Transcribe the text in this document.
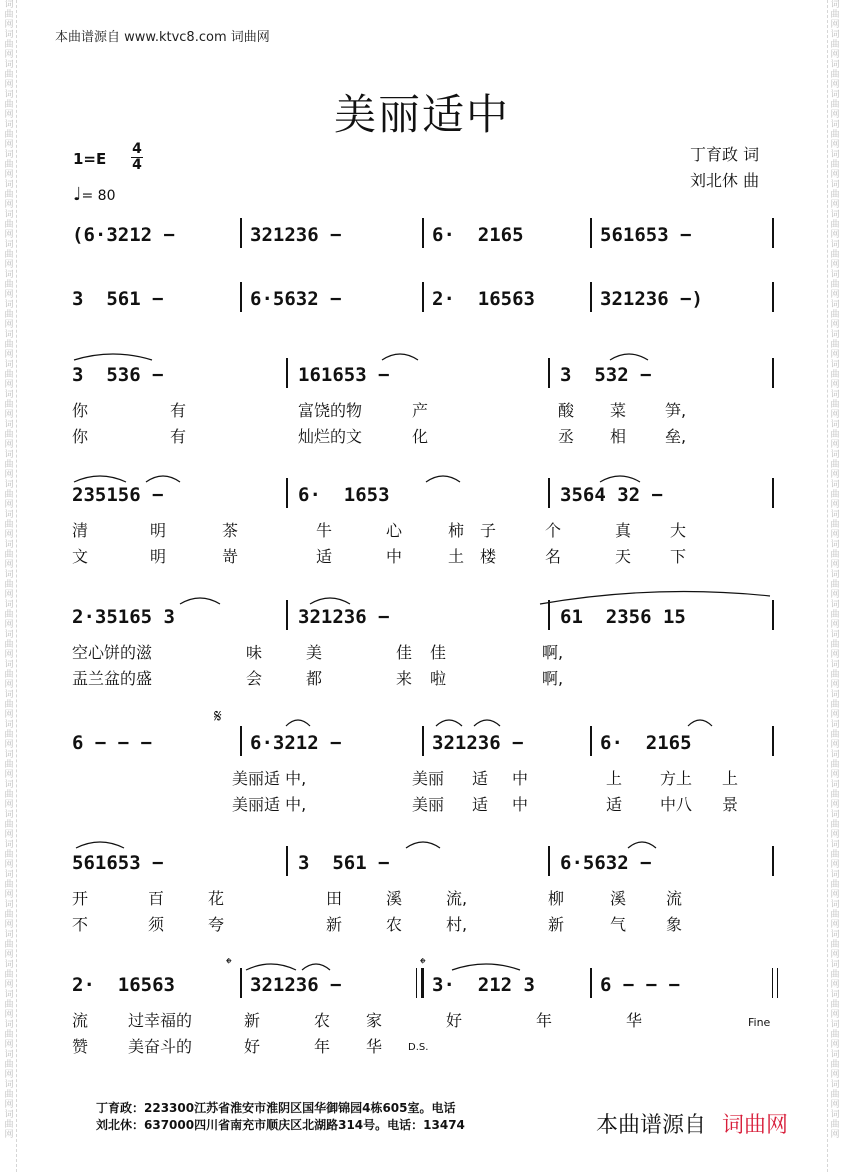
词曲网词曲网词曲网词曲网词曲网词曲网词曲网词曲网词曲网词曲网词曲网词曲网词曲网词曲网词曲网词曲网词曲网词曲网词曲网词曲网词曲网词曲网词曲网词曲网词曲网词曲网词曲网词曲网词曲网词曲网词曲网词曲网词曲网词曲网词曲网词曲网词曲网词曲网
词曲网词曲网词曲网词曲网词曲网词曲网词曲网词曲网词曲网词曲网词曲网词曲网词曲网词曲网词曲网词曲网词曲网词曲网词曲网词曲网词曲网词曲网词曲网词曲网词曲网词曲网词曲网词曲网词曲网词曲网词曲网词曲网词曲网词曲网词曲网词曲网词曲网词曲网
本曲谱源自 www.ktvc8.com 词曲网
美丽适中
1=E
4
4
♩= 80
丁育政 词
刘北休 曲
(6·3212 −	321236 −	6·  2165	561653 −
3  561 −	6·5632 −	2·  16563	321236 −)
3  536 −	161653 −	3  532 −
你	有	富饶的物	产	酸 菜 笋,
你	有	灿烂的文	化	丞 相 垒,
235156 −	6·  1653	3564 32 −
清	明	茶	牛	心	柿 子	个	真 大
文	明	嵜	适	中	土 楼	名	天 下
2·35165 3	321236 −	61  2356 15
空心饼的滋	味	美	佳 佳	啊,
盂兰盆的盛	会	都	来 啦	啊,
6 − − −	6·3212 −	321236 −	6·  2165
美丽适 中,	美丽 适 中	上 方上 上
美丽适 中,	美丽 适 中	适 中八 景
561653 −	3  561 −	6·5632 −
开	百	花	田	溪	流,	柳	溪 流
不	须	夸	新	农	村,	新	气 象
2·  16563	321236 −	3·  212 3	6 − − −
流 过幸福的	新	农 家	好	年	华
赞 美奋斗的	好	年 华
𝄋
𝄌	𝄌
Fine
D.S.
丁育政：223300江苏省淮安市淮阴区国华御锦园4栋605室。电话
刘北休：637000四川省南充市顺庆区北湖路314号。电话：13474	本曲谱源自 词曲网
